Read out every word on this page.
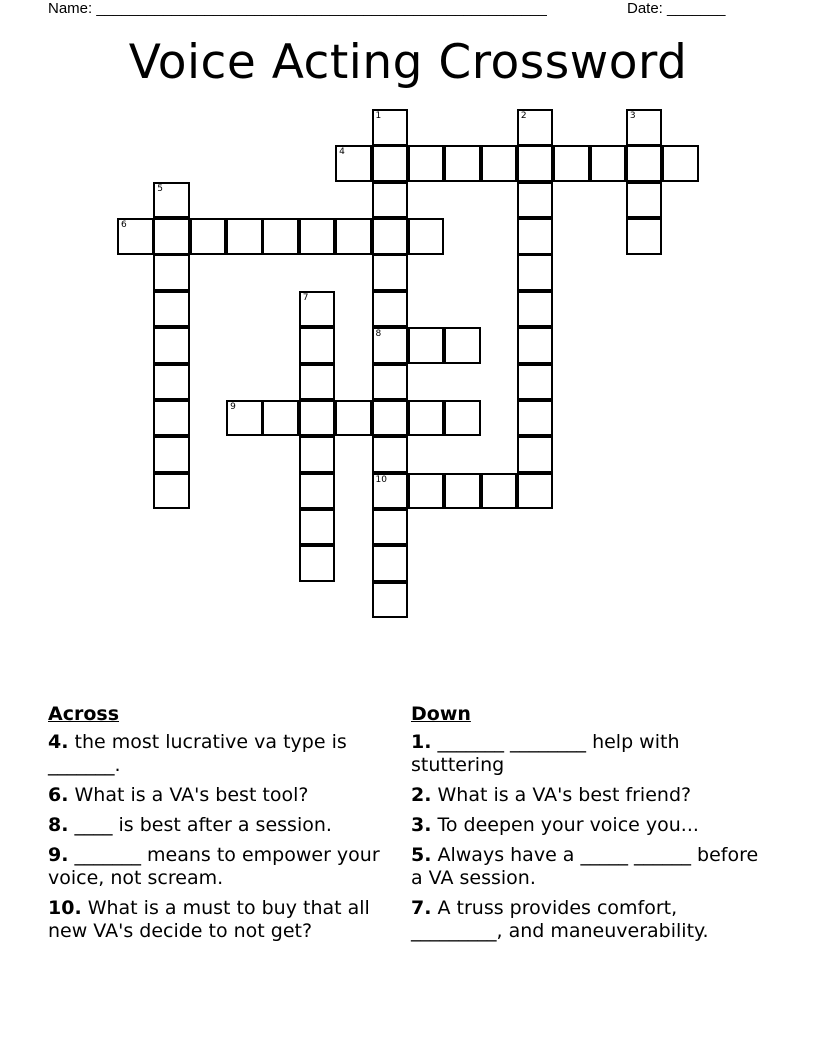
Name: ______________________________________________________	Date: _______
Voice Acting Crossword
1
8
10
2	3
4
5
6
7
9
Across
4. the most lucrative va type is _______.
6. What is a VA's best tool?
8. ____ is best after a session.
9. _______ means to empower your voice, not scream.
10. What is a must to buy that all new VA's decide to not get?
Down
1. _______ ________ help with stuttering
2. What is a VA's best friend?
3. To deepen your voice you...
5. Always have a _____ ______ before a VA session.
7. A truss provides comfort, _________, and maneuverability.
